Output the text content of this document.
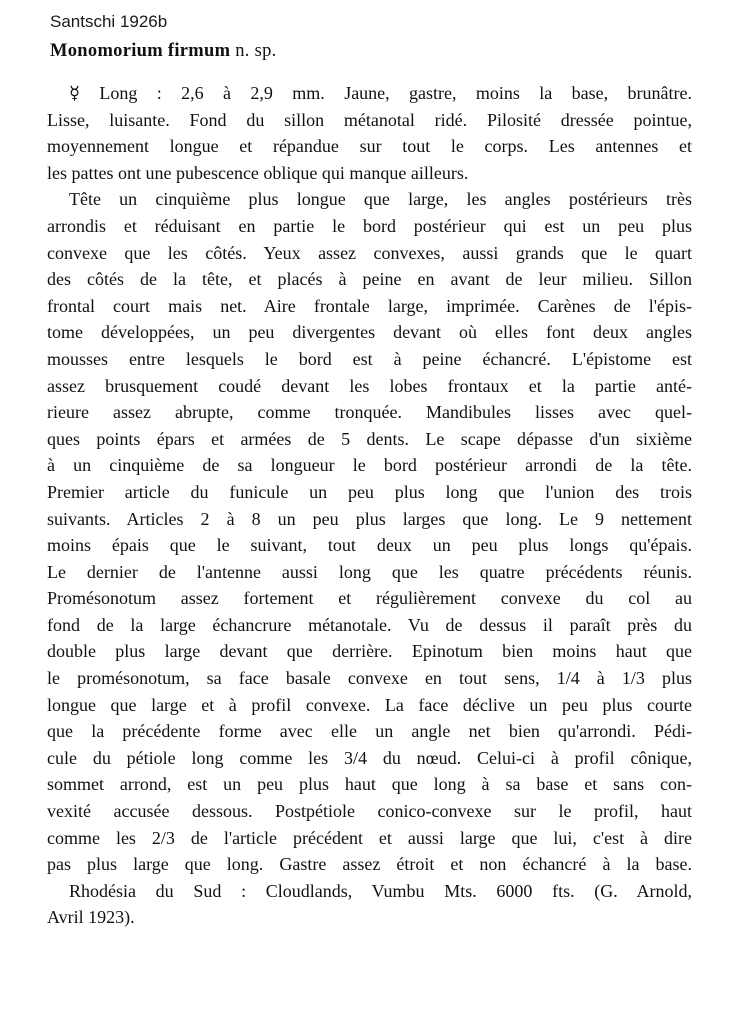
Santschi 1926b
Monomorium firmum n. sp.
☿ Long : 2,6 à 2,9 mm. Jaune, gastre, moins la base, brunâtre.
Lisse, luisante. Fond du sillon métanotal ridé. Pilosité dressée pointue,
moyennement longue et répandue sur tout le corps. Les antennes et
les pattes ont une pubescence oblique qui manque ailleurs.
Tête un cinquième plus longue que large, les angles postérieurs très
arrondis et réduisant en partie le bord postérieur qui est un peu plus
convexe que les côtés. Yeux assez convexes, aussi grands que le quart
des côtés de la tête, et placés à peine en avant de leur milieu. Sillon
frontal court mais net. Aire frontale large, imprimée. Carènes de l'épis-
tome développées, un peu divergentes devant où elles font deux angles
mousses entre lesquels le bord est à peine échancré. L'épistome est
assez brusquement coudé devant les lobes frontaux et la partie anté-
rieure assez abrupte, comme tronquée. Mandibules lisses avec quel-
ques points épars et armées de 5 dents. Le scape dépasse d'un sixième
à un cinquième de sa longueur le bord postérieur arrondi de la tête.
Premier article du funicule un peu plus long que l'union des trois
suivants. Articles 2 à 8 un peu plus larges que long. Le 9 nettement
moins épais que le suivant, tout deux un peu plus longs qu'épais.
Le dernier de l'antenne aussi long que les quatre précédents réunis.
Promésonotum assez fortement et régulièrement convexe du col au
fond de la large échancrure métanotale. Vu de dessus il paraît près du
double plus large devant que derrière. Epinotum bien moins haut que
le promésonotum, sa face basale convexe en tout sens, 1/4 à 1/3 plus
longue que large et à profil convexe. La face déclive un peu plus courte
que la précédente forme avec elle un angle net bien qu'arrondi. Pédi-
cule du pétiole long comme les 3/4 du nœud. Celui-ci à profil cônique,
sommet arrond, est un peu plus haut que long à sa base et sans con-
vexité accusée dessous. Postpétiole conico-convexe sur le profil, haut
comme les 2/3 de l'article précédent et aussi large que lui, c'est à dire
pas plus large que long. Gastre assez étroit et non échancré à la base.
Rhodésia du Sud : Cloudlands, Vumbu Mts. 6000 fts. (G. Arnold,
Avril 1923).
